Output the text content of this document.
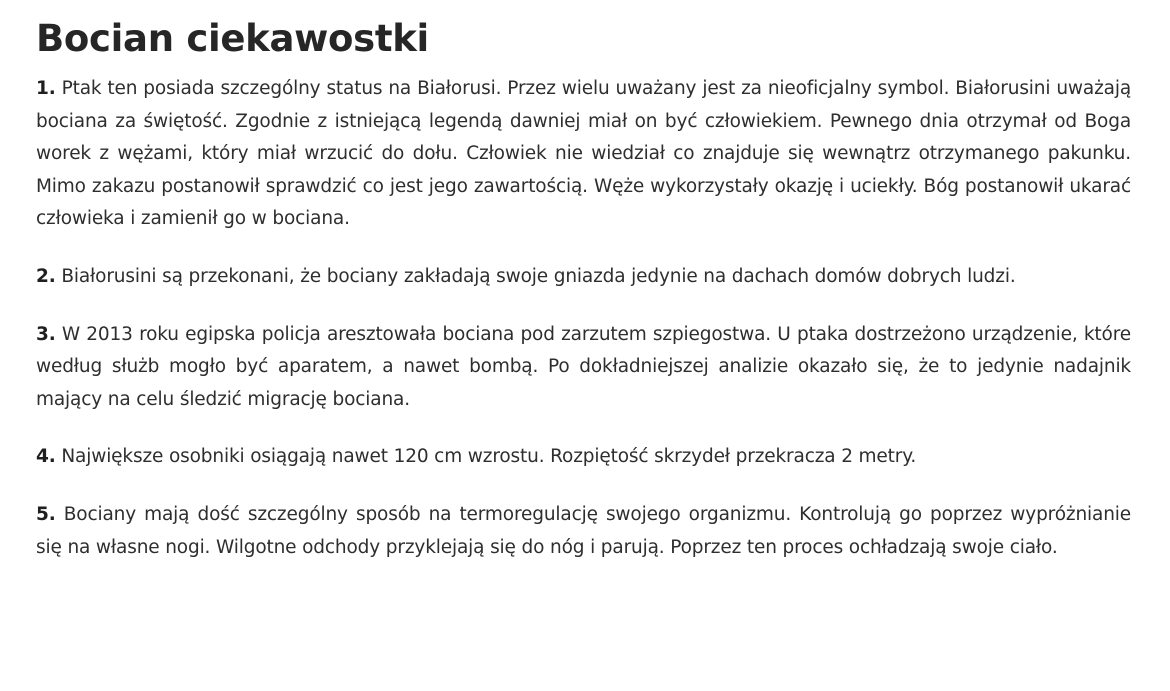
Bocian ciekawostki

1. Ptak ten posiada szczególny status na Białorusi. Przez wielu uważany jest za nieoficjalny symbol. Białorusini uważają bociana za świętość. Zgodnie z istniejącą legendą dawniej miał on być człowiekiem. Pewnego dnia otrzymał od Boga worek z wężami, który miał wrzucić do dołu. Człowiek nie wiedział co znajduje się wewnątrz otrzymanego pakunku. Mimo zakazu postanowił sprawdzić co jest jego zawartością. Węże wykorzystały okazję i uciekły. Bóg postanowił ukarać człowieka i zamienił go w bociana.

2. Białorusini są przekonani, że bociany zakładają swoje gniazda jedynie na dachach domów dobrych ludzi.

3. W 2013 roku egipska policja aresztowała bociana pod zarzutem szpiegostwa. U ptaka dostrzeżono urządzenie, które według służb mogło być aparatem, a nawet bombą. Po dokładniejszej analizie okazało się, że to jedynie nadajnik mający na celu śledzić migrację bociana.

4. Największe osobniki osiągają nawet 120 cm wzrostu. Rozpiętość skrzydeł przekracza 2 metry.

5. Bociany mają dość szczególny sposób na termoregulację swojego organizmu. Kontrolują go poprzez wypróżnianie się na własne nogi. Wilgotne odchody przyklejają się do nóg i parują. Poprzez ten proces ochładzają swoje ciało.
